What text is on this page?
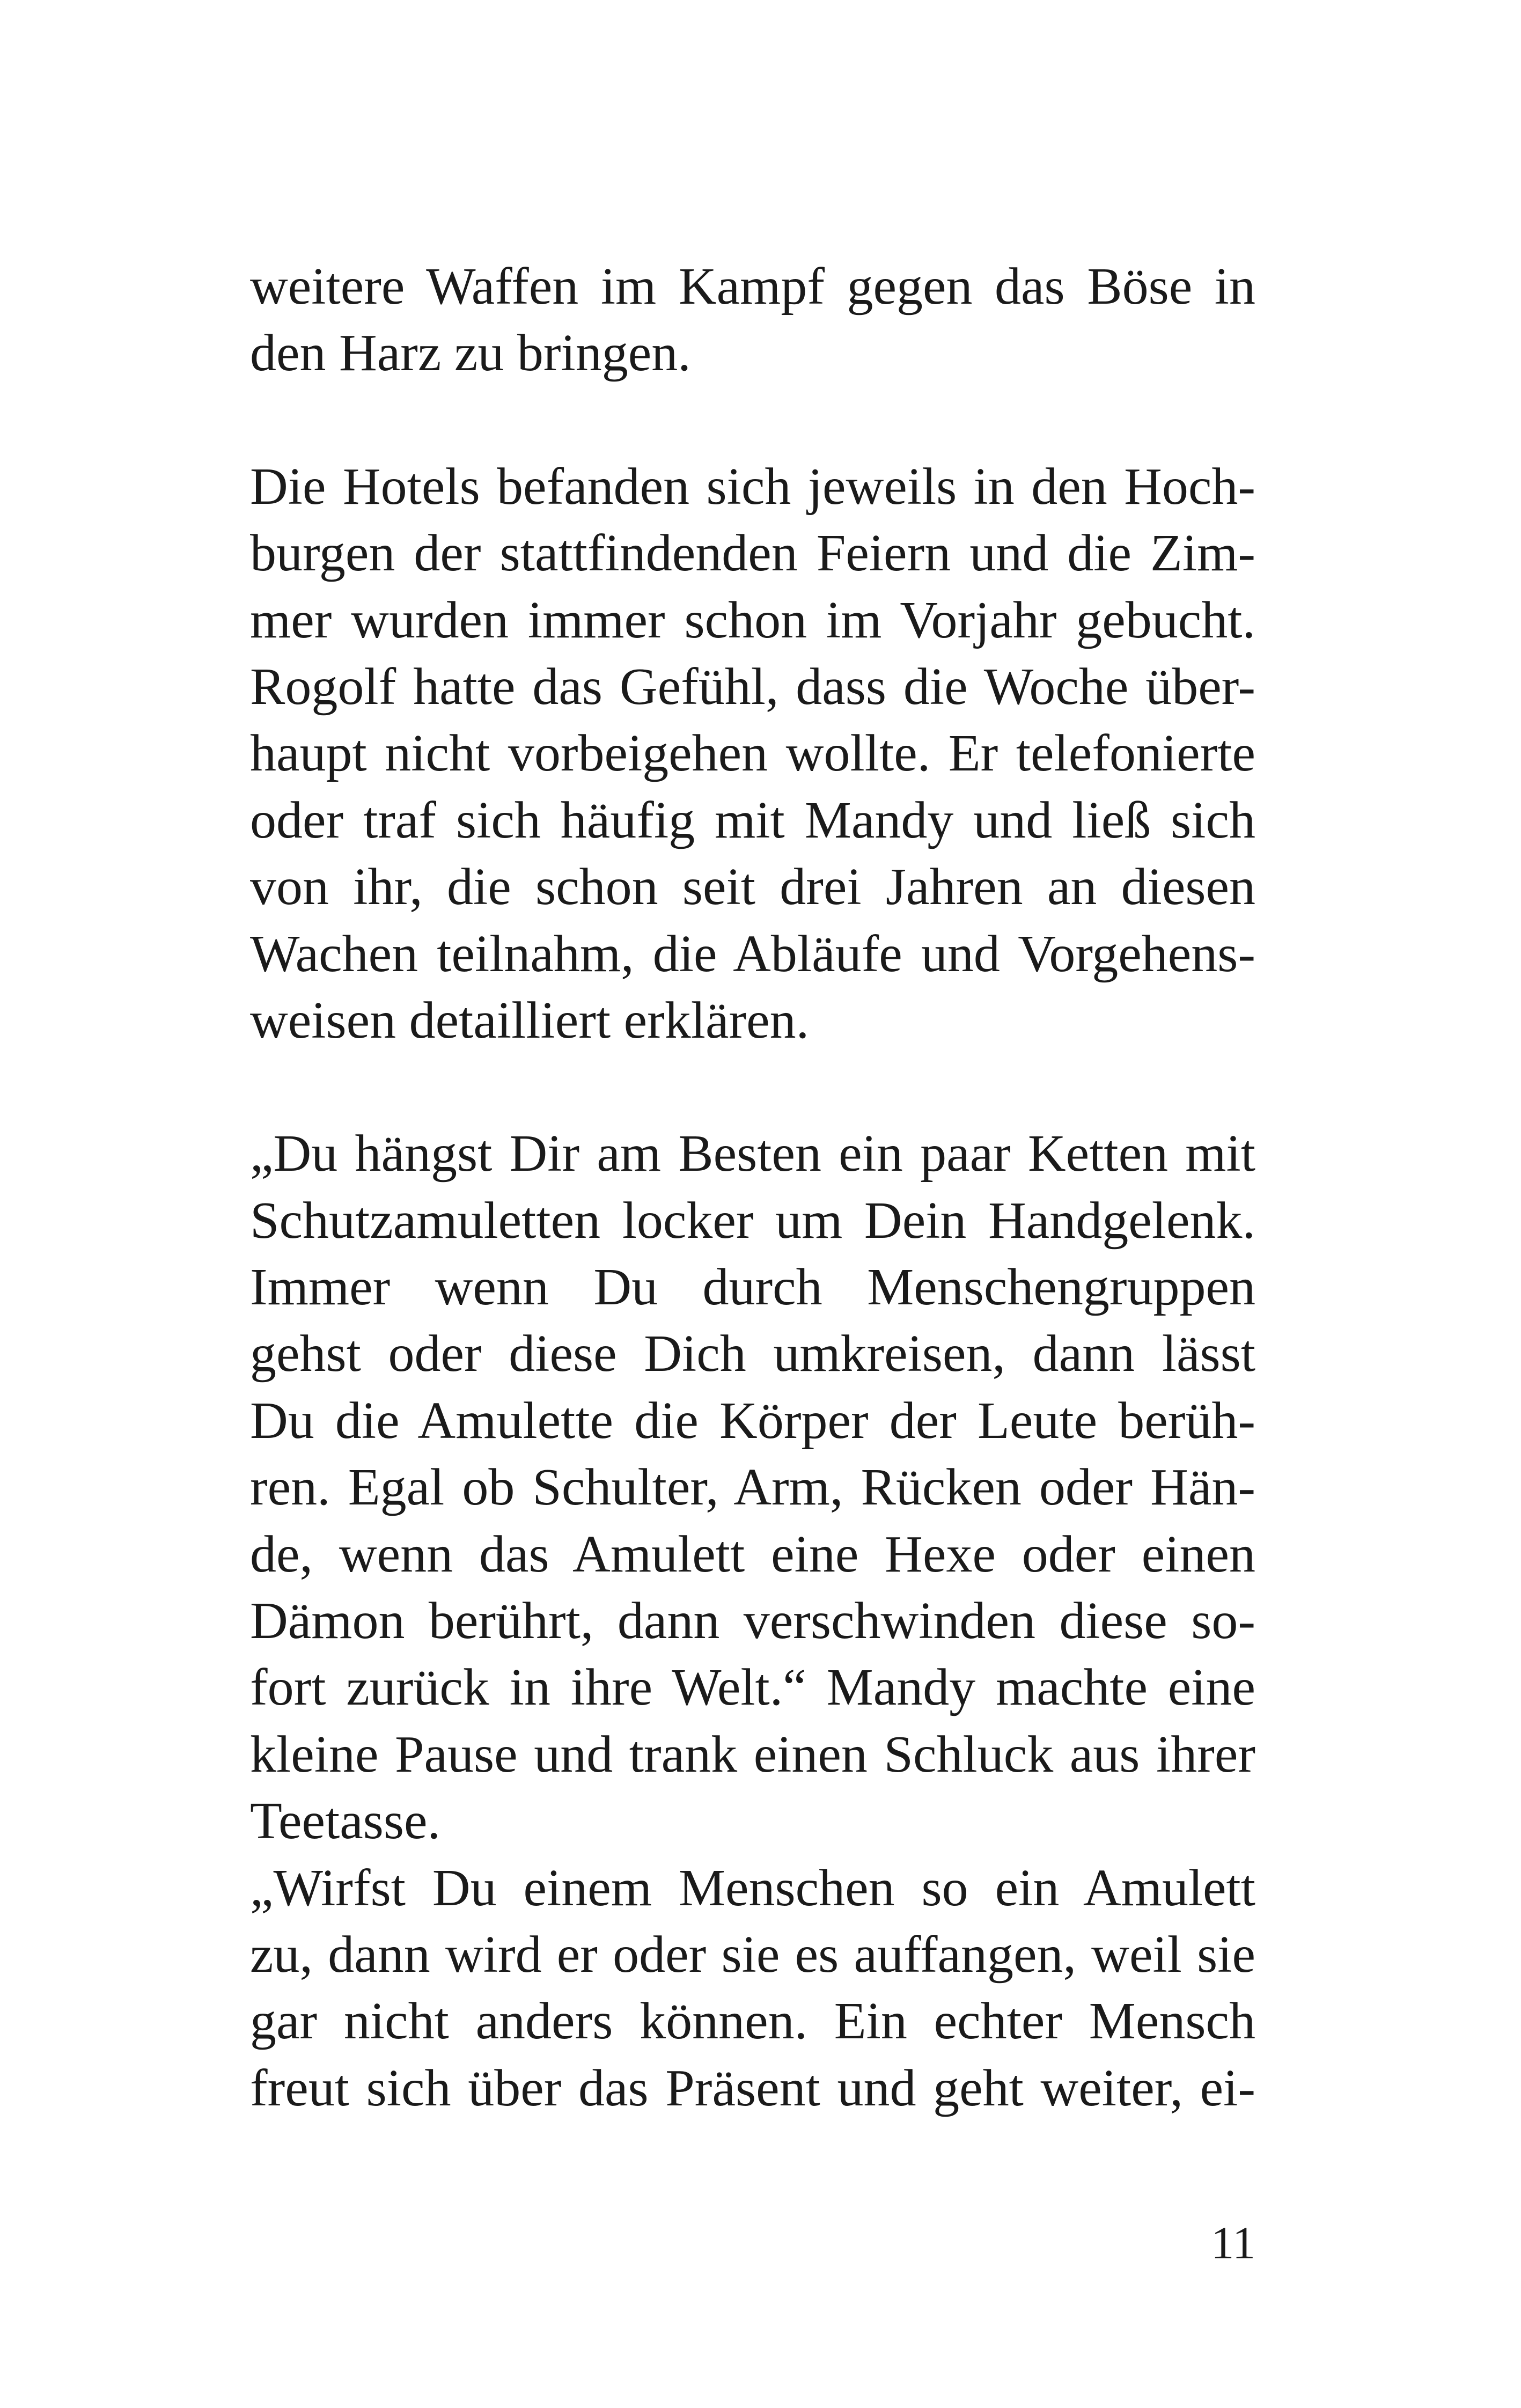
weitere Waffen im Kampf gegen das Böse in
den Harz zu bringen.
Die Hotels befanden sich jeweils in den Hoch-
burgen der stattfindenden Feiern und die Zim-
mer wurden immer schon im Vorjahr gebucht.
Rogolf hatte das Gefühl, dass die Woche über-
haupt nicht vorbeigehen wollte. Er telefonierte
oder traf sich häufig mit Mandy und ließ sich
von ihr, die schon seit drei Jahren an diesen
Wachen teilnahm, die Abläufe und Vorgehens-
weisen detailliert erklären.
„Du hängst Dir am Besten ein paar Ketten mit
Schutzamuletten locker um Dein Handgelenk.
Immer wenn Du durch Menschengruppen
gehst oder diese Dich umkreisen, dann lässt
Du die Amulette die Körper der Leute berüh-
ren. Egal ob Schulter, Arm, Rücken oder Hän-
de, wenn das Amulett eine Hexe oder einen
Dämon berührt, dann verschwinden diese so-
fort zurück in ihre Welt.“ Mandy machte eine
kleine Pause und trank einen Schluck aus ihrer
Teetasse.
„Wirfst Du einem Menschen so ein Amulett
zu, dann wird er oder sie es auffangen, weil sie
gar nicht anders können. Ein echter Mensch
freut sich über das Präsent und geht weiter, ei-
11
